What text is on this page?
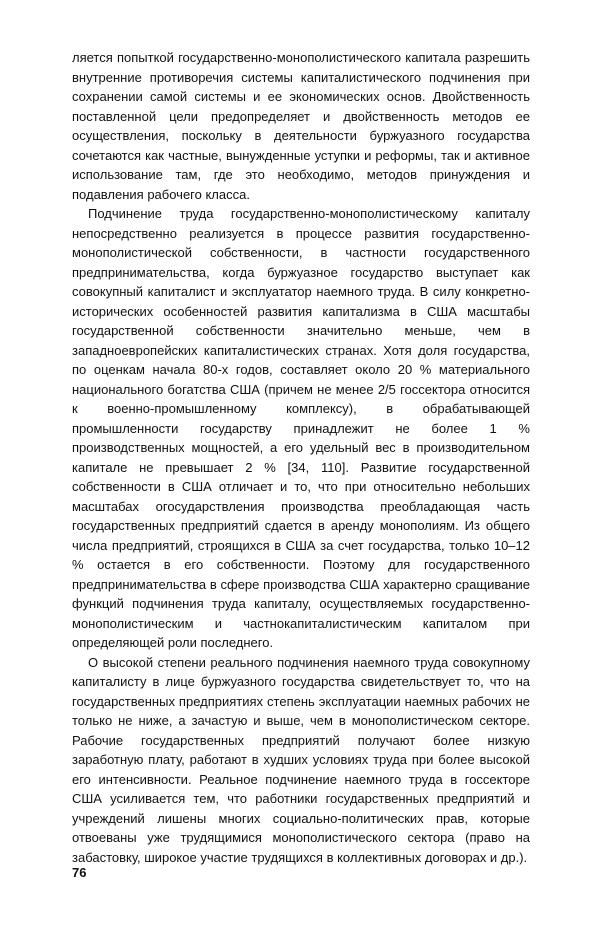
ляется попыткой государственно-монополистического капитала разрешить внутренние противоречия системы капиталистического подчинения при сохранении самой системы и ее экономических основ. Двойственность поставленной цели предопределяет и двойственность методов ее осуществления, поскольку в деятельности буржуазного государства сочетаются как частные, вынужденные уступки и реформы, так и активное использование там, где это необходимо, методов принуждения и подавления рабочего класса.

Подчинение труда государственно-монополистическому капиталу непосредственно реализуется в процессе развития государственно-монополистической собственности, в частности государственного предпринимательства, когда буржуазное государство выступает как совокупный капиталист и эксплуататор наемного труда. В силу конкретно-исторических особенностей развития капитализма в США масштабы государственной собственности значительно меньше, чем в западноевропейских капиталистических странах. Хотя доля государства, по оценкам начала 80-х годов, составляет около 20 % материального национального богатства США (причем не менее 2/5 госсектора относится к военно-промышленному комплексу), в обрабатывающей промышленности государству принадлежит не более 1 % производственных мощностей, а его удельный вес в производительном капитале не превышает 2 % [34, 110]. Развитие государственной собственности в США отличает и то, что при относительно небольших масштабах огосударствления производства преобладающая часть государственных предприятий сдается в аренду монополиям. Из общего числа предприятий, строящихся в США за счет государства, только 10–12 % остается в его собственности. Поэтому для государственного предпринимательства в сфере производства США характерно сращивание функций подчинения труда капиталу, осуществляемых государственно-монополистическим и частнокапиталистическим капиталом при определяющей роли последнего.

О высокой степени реального подчинения наемного труда совокупному капиталисту в лице буржуазного государства свидетельствует то, что на государственных предприятиях степень эксплуатации наемных рабочих не только не ниже, а зачастую и выше, чем в монополистическом секторе. Рабочие государственных предприятий получают более низкую заработную плату, работают в худших условиях труда при более высокой его интенсивности. Реальное подчинение наемного труда в госсекторе США усиливается тем, что работники государственных предприятий и учреждений лишены многих социально-политических прав, которые отвоеваны уже трудящимися монополистического сектора (право на забастовку, широкое участие трудящихся в коллективных договорах и др.).

76
